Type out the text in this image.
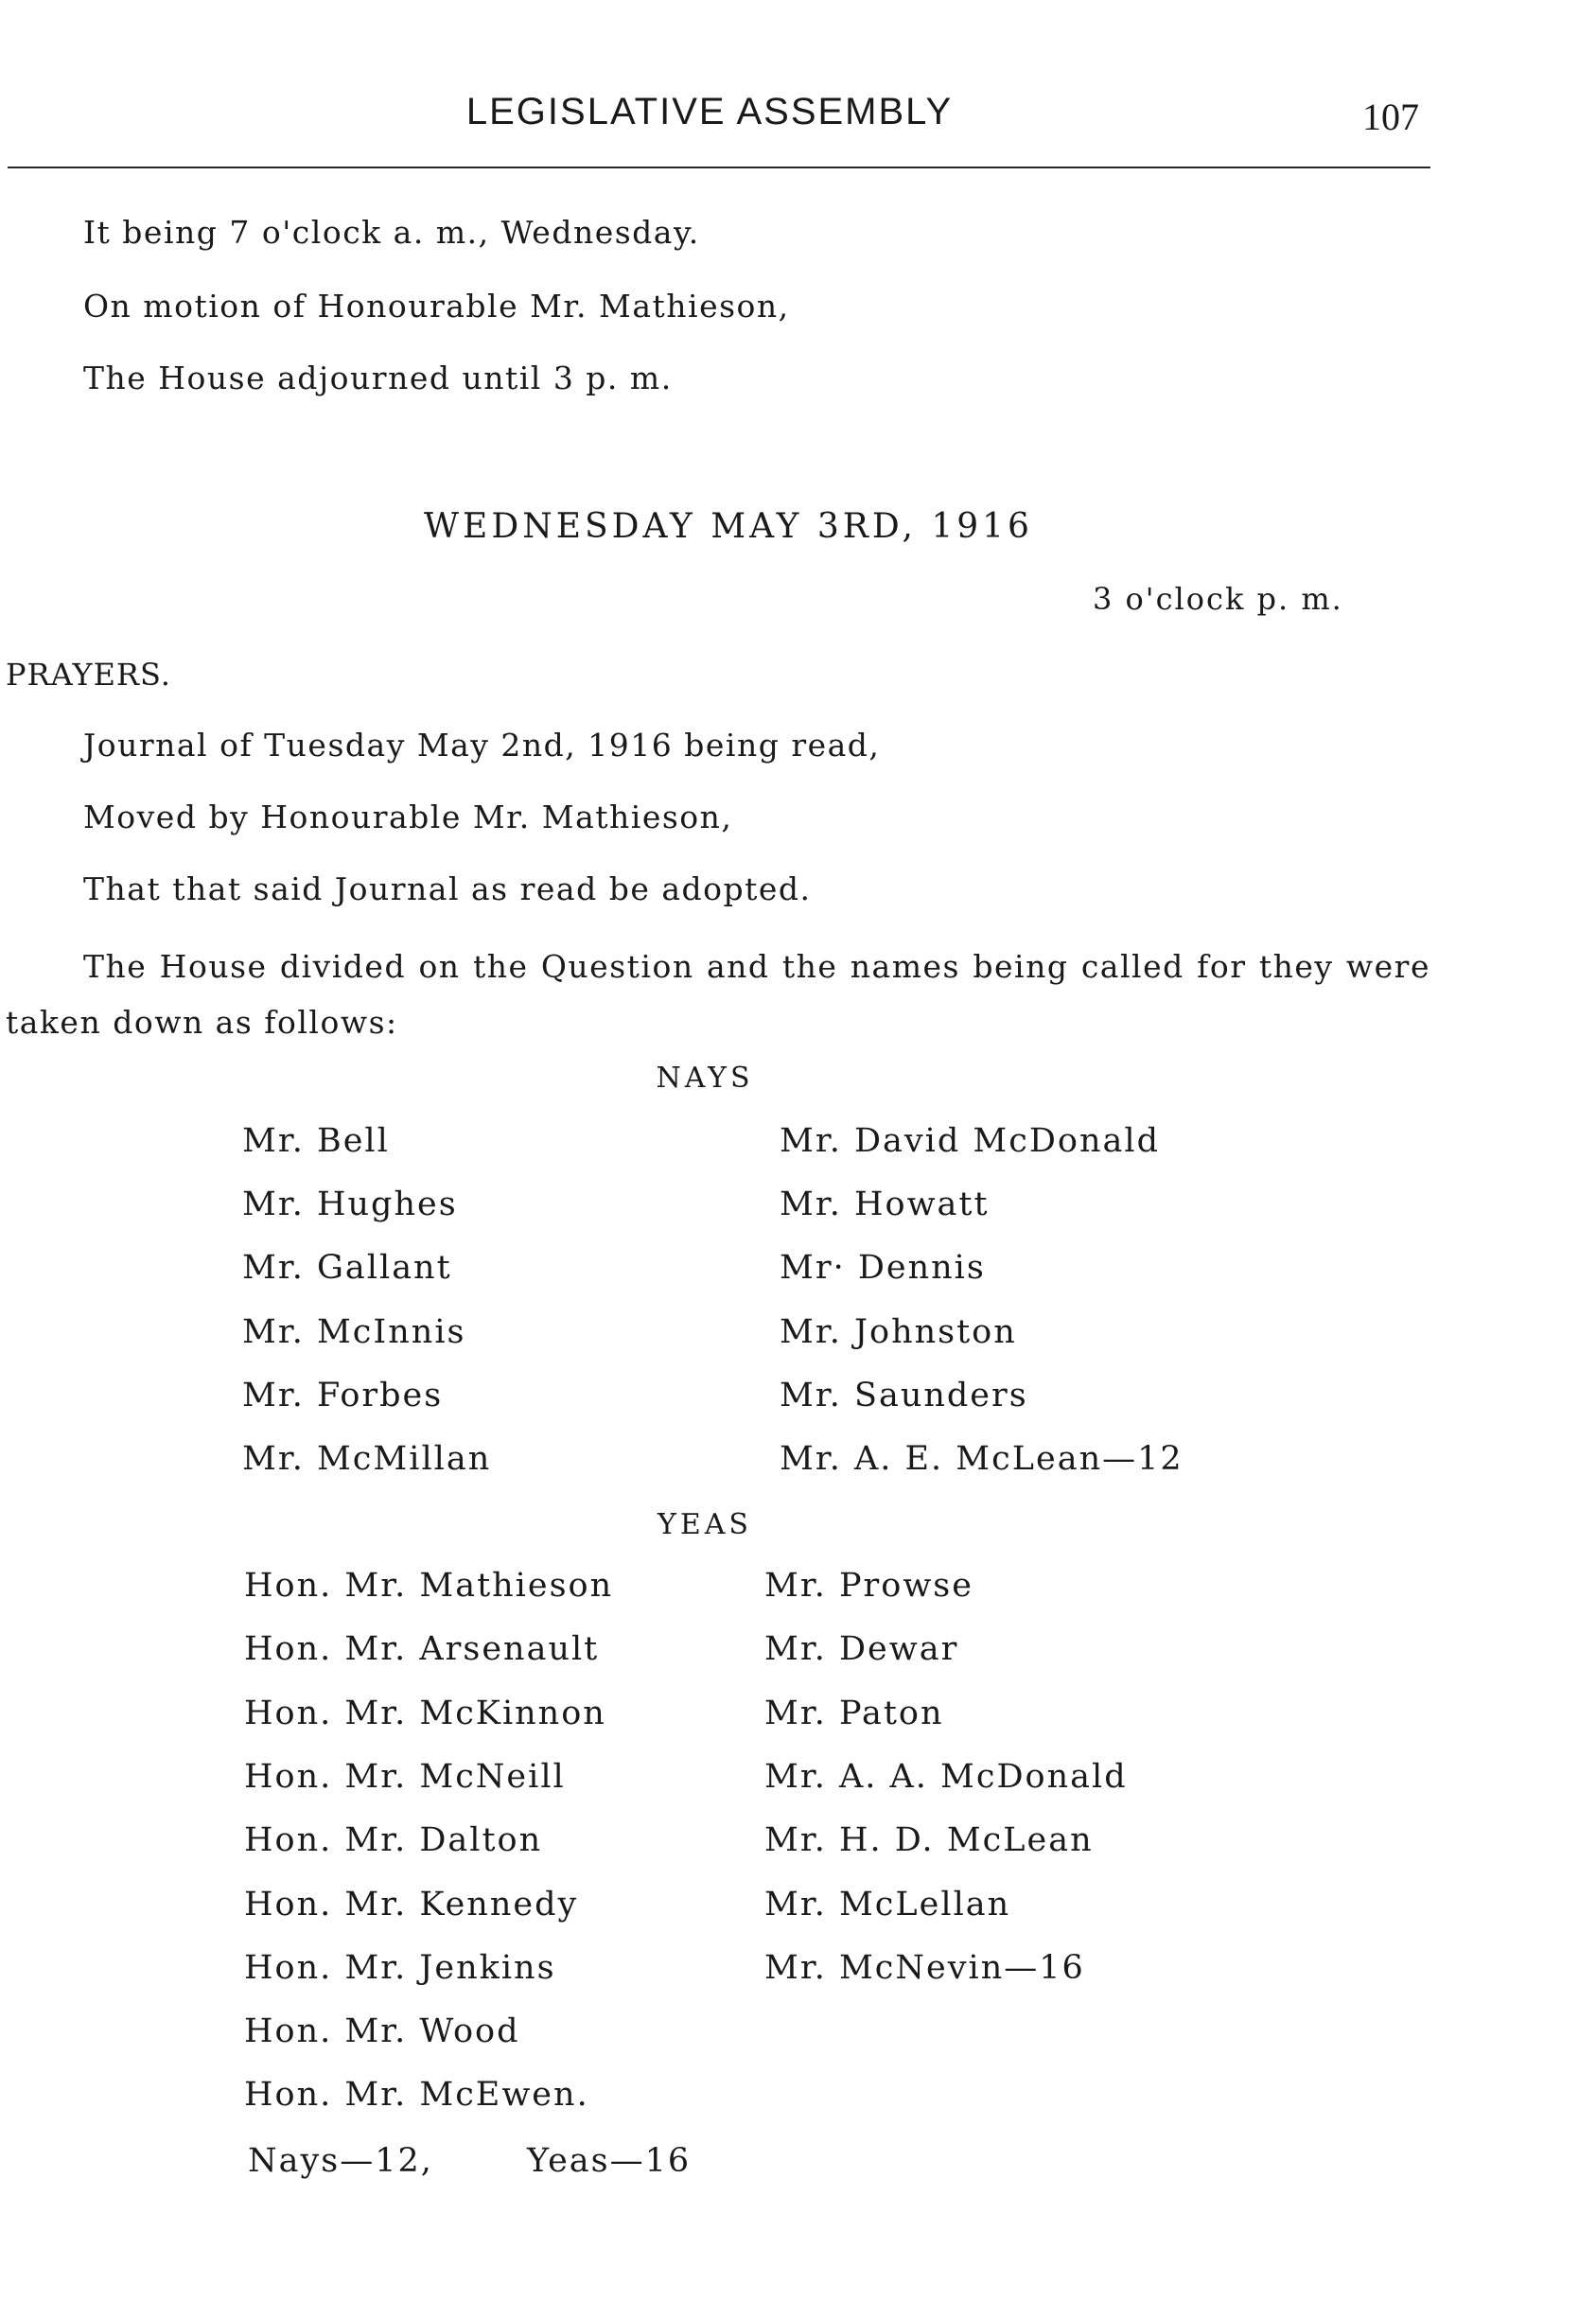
LEGISLATIVE ASSEMBLY	107
It being 7 o'clock a. m., Wednesday.
On motion of Honourable Mr. Mathieson,
The House adjourned until 3 p. m.
WEDNESDAY MAY 3RD, 1916
3 o'clock p. m.
PRAYERS.
Journal of Tuesday May 2nd, 1916 being read,
Moved by Honourable Mr. Mathieson,
That that said Journal as read be adopted.
The House divided on the Question and the names being called for they were taken down as follows:
NAYS
YEAS
Mr. Bell
Mr. Hughes
Mr. Gallant
Mr. McInnis
Mr. Forbes
Mr. McMillan
Mr. David McDonald
Mr. Howatt
Mr· Dennis
Mr. Johnston
Mr. Saunders
Mr. A. E. McLean—12
Hon. Mr. Mathieson
Hon. Mr. Arsenault
Hon. Mr. McKinnon
Hon. Mr. McNeill
Hon. Mr. Dalton
Hon. Mr. Kennedy
Hon. Mr. Jenkins
Hon. Mr. Wood
Hon. Mr. McEwen.
Mr. Prowse
Mr. Dewar
Mr. Paton
Mr. A. A. McDonald
Mr. H. D. McLean
Mr. McLellan
Mr. McNevin—16
Nays—12,	Yeas—16
